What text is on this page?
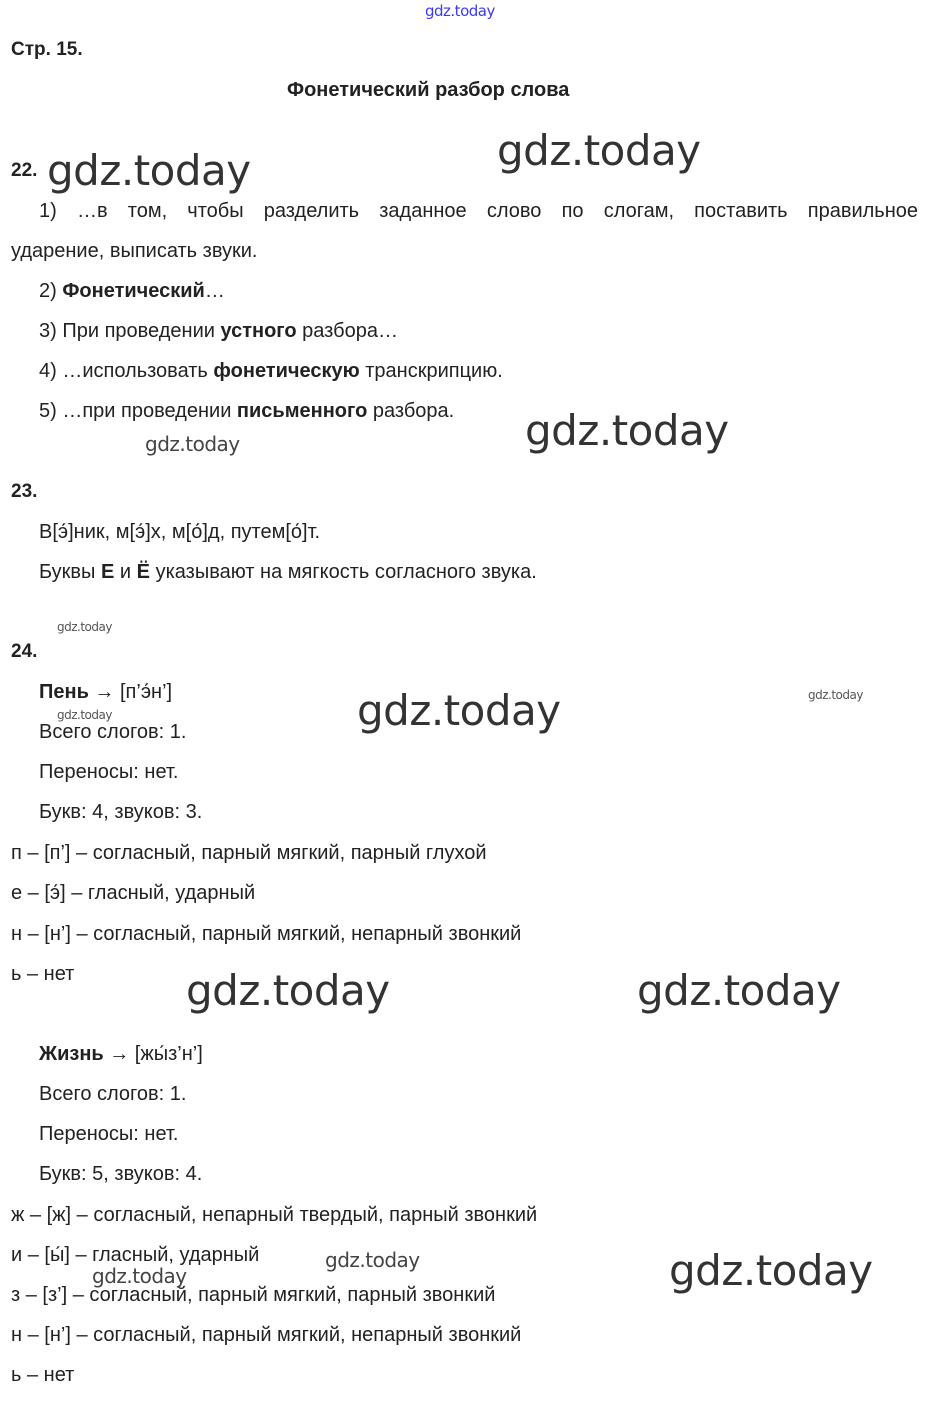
gdz.today
Стр. 15.
Фонетический разбор слова
22.
1) …в том, чтобы разделить заданное слово по слогам, поставить правильное
ударение, выписать звуки.
2) Фонетический…
3) При проведении устного разбора…
4) …использовать фонетическую транскрипцию.
5) …при проведении письменного разбора.
23.
В[э́]ник, м[э́]х, м[о́]д, путем[о́]т.
Буквы Е и Ё указывают на мягкость согласного звука.
24.
Пень → [п’э́н’]
Всего слогов: 1.
Переносы: нет.
Букв: 4, звуков: 3.
п – [п’] – согласный, парный мягкий, парный глухой
е – [э́] – гласный, ударный
н – [н’] – согласный, парный мягкий, непарный звонкий
ь – нет
Жизнь → [жы́з’н’]
Всего слогов: 1.
Переносы: нет.
Букв: 5, звуков: 4.
ж – [ж] – согласный, непарный твердый, парный звонкий
и – [ы́] – гласный, ударный
з – [з’] – согласный, парный мягкий, парный звонкий
н – [н’] – согласный, парный мягкий, непарный звонкий
ь – нет
gdz.today	gdz.today
gdz.today
gdz.today
gdz.today	gdz.today
gdz.today
gdz.today
gdz.today
gdz.today
gdz.today
gdz.today
gdz.today
